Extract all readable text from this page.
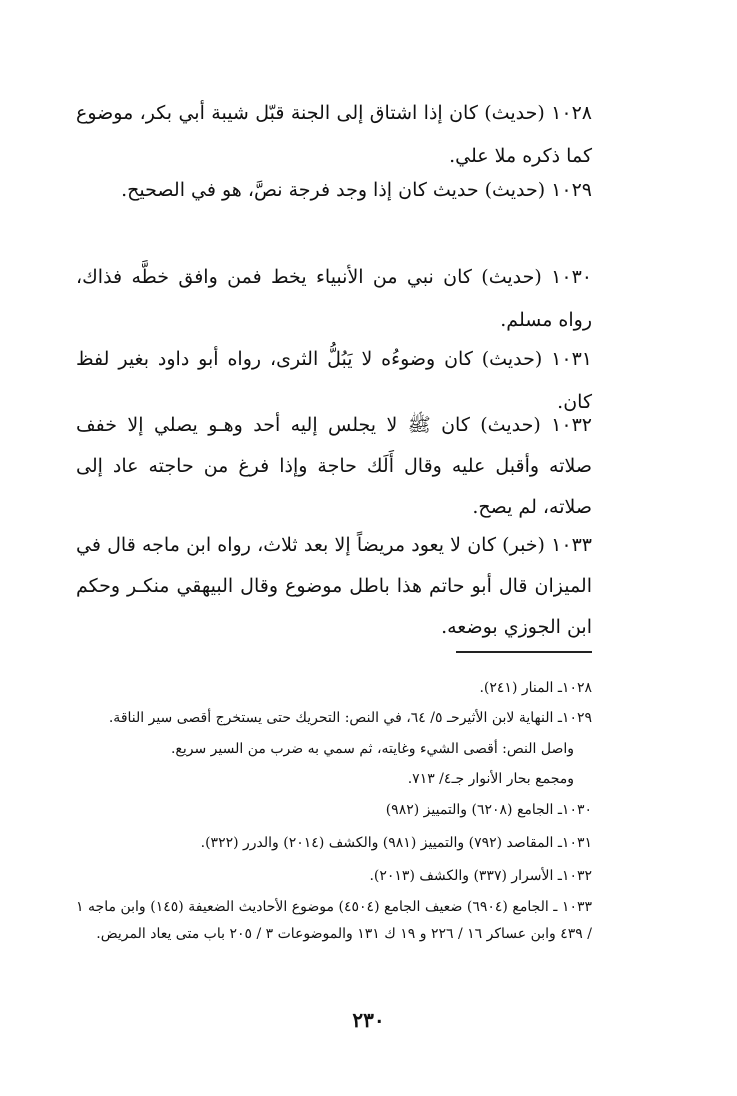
١٠٢٨ (حديث) كان إذا اشتاق إلى الجنة قبّل شيبة أبي بكر، موضوع كما ذكره ملا علي.

١٠٢٩ (حديث) حديث كان إذا وجد فرجة نصَّ، هو في الصحيح.

١٠٣٠ (حديث) كان نبي من الأنبياء يخط فمن وافق خطَّه فذاك، رواه مسلم.

١٠٣١ (حديث) كان وضوءُه لا يَبُلُّ الثرى، رواه أبو داود بغير لفظ كان.

١٠٣٢ (حديث) كان ﷺ لا يجلس إليه أحد وهـو يصلي إلا خفف صلاته وأقبل عليه وقال أَلَك حاجة وإذا فرغ من حاجته عاد إلى صلاته، لم يصح.

١٠٣٣ (خبر) كان لا يعود مريضاً إلا بعد ثلاث، رواه ابن ماجه قال في الميزان قال أبو حاتم هذا باطل موضوع وقال البيهقي منكـر وحكم ابن الجوزي بوضعه.

١٠٢٨ـ المنار (٢٤١).

١٠٢٩ـ النهاية لابن الأثيرحـ ٥/ ٦٤، في النص: التحريك حتى يستخرج أقصى سير الناقة.

واصل النص: أقصى الشيء وغايته، ثم سمي به ضرب من السير سريع.

ومجمع بحار الأنوار جـ٤/ ٧١٣.

١٠٣٠ـ الجامع (٦٢٠٨) والتمييز (٩٨٢)

١٠٣١ـ المقاصد (٧٩٢) والتمييز (٩٨١) والكشف (٢٠١٤) والدرر (٣٢٢).

١٠٣٢ـ الأسرار (٣٣٧) والكشف (٢٠١٣).

١٠٣٣ ـ الجامع (٦٩٠٤) ضعيف الجامع (٤٥٠٤) موضوع الأحاديث الضعيفة (١٤٥) وابن ماجه ١ / ٤٣٩ وابن عساكر ١٦ / ٢٢٦ و ١٩ ك ١٣١ والموضوعات ٣ / ٢٠٥ باب متى يعاد المريض.

٢٣٠
